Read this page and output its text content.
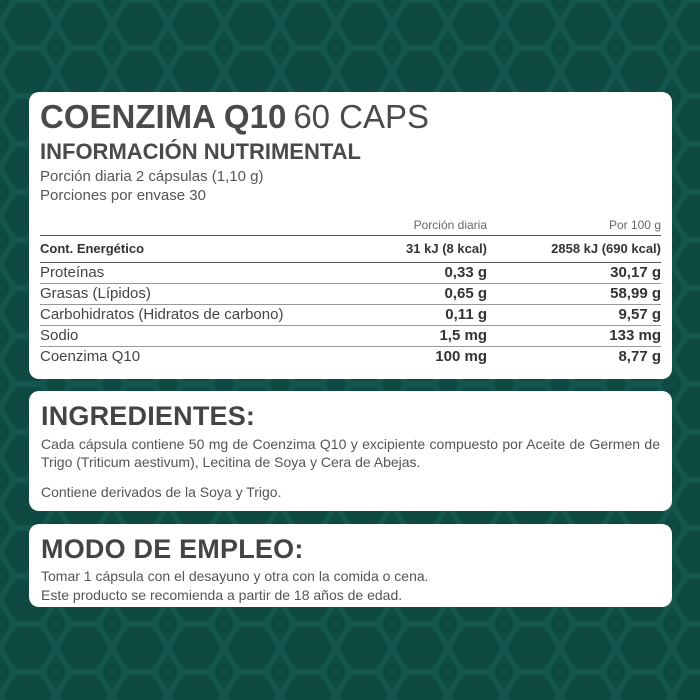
COENZIMA Q10 60 CAPS
INFORMACIÓN NUTRIMENTAL
Porción diaria 2 cápsulas (1,10 g)
Porciones por envase 30
	Porción diaria	Por 100 g
Cont. Energético	31 kJ (8 kcal)	2858 kJ (690 kcal)
Proteínas	0,33 g	30,17 g
Grasas (Lípidos)	0,65 g	58,99 g
Carbohidratos (Hidratos de carbono)	0,11 g	9,57 g
Sodio	1,5 mg	133 mg
Coenzima Q10	100 mg	8,77 g
INGREDIENTES:
Cada cápsula contiene 50 mg de Coenzima Q10 y excipiente compuesto por Aceite de Germen de Trigo (Triticum aestivum), Lecitina de Soya y Cera de Abejas.
Contiene derivados de la Soya y Trigo.
MODO DE EMPLEO:
Tomar 1 cápsula con el desayuno y otra con la comida o cena.
Este producto se recomienda a partir de 18 años de edad.
